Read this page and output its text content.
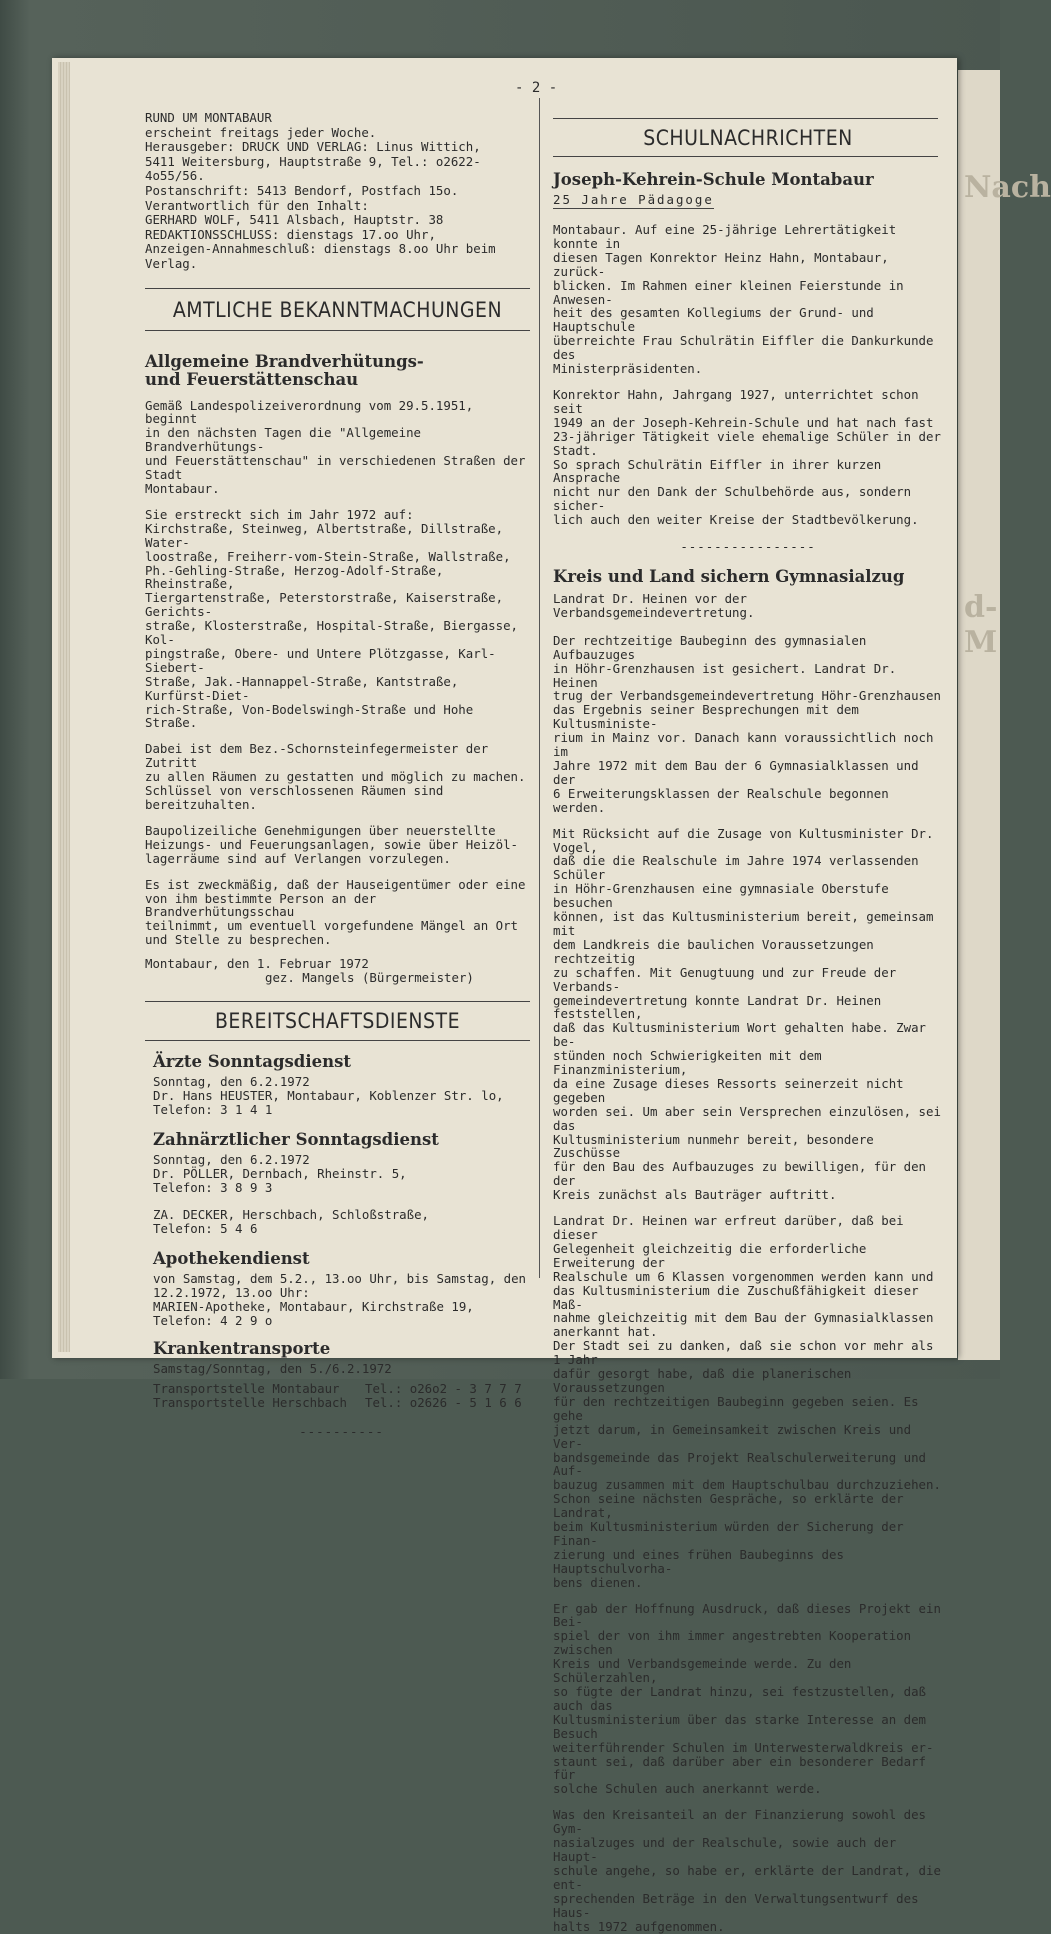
Nach
d-M
- 2 -

RUND UM MONTABAUR

erscheint freitags jeder Woche.

Herausgeber: DRUCK UND VERLAG: Linus Wittich,

5411 Weitersburg, Hauptstraße 9, Tel.: o2622-4o55/56.

Postanschrift: 5413 Bendorf, Postfach 15o.

Verantwortlich für den Inhalt:

GERHARD WOLF, 5411 Alsbach, Hauptstr. 38

REDAKTIONSSCHLUSS: dienstags 17.oo Uhr,

Anzeigen-Annahmeschluß: dienstags 8.oo Uhr beim Verlag.

AMTLICHE BEKANNTMACHUNGEN
Allgemeine Brandverhütungs-
und Feuerstättenschau

Gemäß Landespolizeiverordnung vom 29.5.1951, beginnt

in den nächsten Tagen die "Allgemeine Brandverhütungs-

und Feuerstättenschau" in verschiedenen Straßen der Stadt

Montabaur.

Sie erstreckt sich im Jahr 1972 auf:

Kirchstraße, Steinweg, Albertstraße, Dillstraße, Water-

loostraße, Freiherr-vom-Stein-Straße, Wallstraße,

Ph.-Gehling-Straße, Herzog-Adolf-Straße, Rheinstraße,

Tiergartenstraße, Peterstorstraße, Kaiserstraße, Gerichts-

straße, Klosterstraße, Hospital-Straße, Biergasse, Kol-

pingstraße, Obere- und Untere Plötzgasse, Karl-Siebert-

Straße, Jak.-Hannappel-Straße, Kantstraße, Kurfürst-Diet-

rich-Straße, Von-Bodelswingh-Straße und Hohe Straße.

Dabei ist dem Bez.-Schornsteinfegermeister der Zutritt

zu allen Räumen zu gestatten und möglich zu machen.

Schlüssel von verschlossenen Räumen sind bereitzuhalten.

Baupolizeiliche Genehmigungen über neuerstellte

Heizungs- und Feuerungsanlagen, sowie über Heizöl-

lagerräume sind auf Verlangen vorzulegen.

Es ist zweckmäßig, daß der Hauseigentümer oder eine

von ihm bestimmte Person an der Brandverhütungsschau

teilnimmt, um eventuell vorgefundene Mängel an Ort

und Stelle zu besprechen.

Montabaur, den 1. Februar 1972

gez. Mangels (Bürgermeister)

BEREITSCHAFTSDIENSTE
Ärzte Sonntagsdienst

Sonntag, den 6.2.1972

Dr. Hans HEUSTER, Montabaur, Koblenzer Str. lo,

Telefon: 3 1 4 1

Zahnärztlicher Sonntagsdienst

Sonntag, den 6.2.1972

Dr. PÖLLER, Dernbach, Rheinstr. 5,

Telefon: 3 8 9 3

ZA. DECKER, Herschbach, Schloßstraße,

Telefon: 5 4 6

Apothekendienst

von Samstag, dem 5.2., 13.oo Uhr, bis Samstag, den

12.2.1972, 13.oo Uhr:

MARIEN-Apotheke, Montabaur, Kirchstraße 19,

Telefon: 4 2 9 o

Krankentransporte

Samstag/Sonntag, den 5./6.2.1972

Transportstelle Montabaur	Tel.: o26o2 - 3 7 7 7
Transportstelle Herschbach	Tel.: o2626 - 5 1 6 6
----------
SCHULNACHRICHTEN
Joseph-Kehrein-Schule Montabaur
25 Jahre Pädagoge

Montabaur. Auf eine 25-jährige Lehrertätigkeit konnte in

diesen Tagen Konrektor Heinz Hahn, Montabaur, zurück-

blicken. Im Rahmen einer kleinen Feierstunde in Anwesen-

heit des gesamten Kollegiums der Grund- und Hauptschule

überreichte Frau Schulrätin Eiffler die Dankurkunde des

Ministerpräsidenten.

Konrektor Hahn, Jahrgang 1927, unterrichtet schon seit

1949 an der Joseph-Kehrein-Schule und hat nach fast

23-jähriger Tätigkeit viele ehemalige Schüler in der Stadt.

So sprach Schulrätin Eiffler in ihrer kurzen Ansprache

nicht nur den Dank der Schulbehörde aus, sondern sicher-

lich auch den weiter Kreise der Stadtbevölkerung.

----------------
Kreis und Land sichern Gymnasialzug

Landrat Dr. Heinen vor der Verbandsgemeindevertretung.

Der rechtzeitige Baubeginn des gymnasialen Aufbauzuges

in Höhr-Grenzhausen ist gesichert. Landrat Dr. Heinen

trug der Verbandsgemeindevertretung Höhr-Grenzhausen

das Ergebnis seiner Besprechungen mit dem Kultusministe-

rium in Mainz vor. Danach kann voraussichtlich noch im

Jahre 1972 mit dem Bau der 6 Gymnasialklassen und der

6 Erweiterungsklassen der Realschule begonnen werden.

Mit Rücksicht auf die Zusage von Kultusminister Dr. Vogel,

daß die die Realschule im Jahre 1974 verlassenden Schüler

in Höhr-Grenzhausen eine gymnasiale Oberstufe besuchen

können, ist das Kultusministerium bereit, gemeinsam mit

dem Landkreis die baulichen Voraussetzungen rechtzeitig

zu schaffen. Mit Genugtuung und zur Freude der Verbands-

gemeindevertretung konnte Landrat Dr. Heinen feststellen,

daß das Kultusministerium Wort gehalten habe. Zwar be-

stünden noch Schwierigkeiten mit dem Finanzministerium,

da eine Zusage dieses Ressorts seinerzeit nicht gegeben

worden sei. Um aber sein Versprechen einzulösen, sei das

Kultusministerium nunmehr bereit, besondere Zuschüsse

für den Bau des Aufbauzuges zu bewilligen, für den der

Kreis zunächst als Bauträger auftritt.

Landrat Dr. Heinen war erfreut darüber, daß bei dieser

Gelegenheit gleichzeitig die erforderliche Erweiterung der

Realschule um 6 Klassen vorgenommen werden kann und

das Kultusministerium die Zuschußfähigkeit dieser Maß-

nahme gleichzeitig mit dem Bau der Gymnasialklassen

anerkannt hat.

Der Stadt sei zu danken, daß sie schon vor mehr als 1 Jahr

dafür gesorgt habe, daß die planerischen Voraussetzungen

für den rechtzeitigen Baubeginn gegeben seien. Es gehe

jetzt darum, in Gemeinsamkeit zwischen Kreis und Ver-

bandsgemeinde das Projekt Realschulerweiterung und Auf-

bauzug zusammen mit dem Hauptschulbau durchzuziehen.

Schon seine nächsten Gespräche, so erklärte der Landrat,

beim Kultusministerium würden der Sicherung der Finan-

zierung und eines frühen Baubeginns des Hauptschulvorha-

bens dienen.

Er gab der Hoffnung Ausdruck, daß dieses Projekt ein Bei-

spiel der von ihm immer angestrebten Kooperation zwischen

Kreis und Verbandsgemeinde werde. Zu den Schülerzahlen,

so fügte der Landrat hinzu, sei festzustellen, daß auch das

Kultusministerium über das starke Interesse an dem Besuch

weiterführender Schulen im Unterwesterwaldkreis er-

staunt sei, daß darüber aber ein besonderer Bedarf für

solche Schulen auch anerkannt werde.

Was den Kreisanteil an der Finanzierung sowohl des Gym-

nasialzuges und der Realschule, sowie auch der Haupt-

schule angehe, so habe er, erklärte der Landrat, die ent-

sprechenden Beträge in den Verwaltungsentwurf des Haus-

halts 1972 aufgenommen.
